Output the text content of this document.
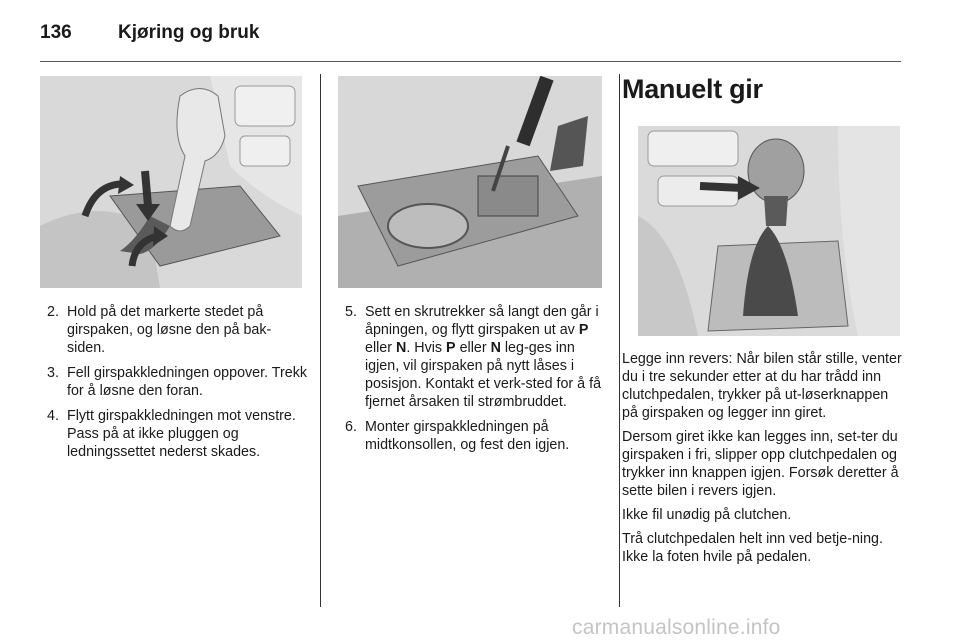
136 Kjøring og bruk
2. Hold på det markerte stedet på girspaken, og løsne den på bak-siden.
3. Fell girspakkledningen oppover. Trekk for å løsne den foran.
4. Flytt girspakkledningen mot venstre. Pass på at ikke pluggen og ledningssettet nederst skades.
5. Sett en skrutrekker så langt den går i åpningen, og flytt girspaken ut av P eller N. Hvis P eller N leg-ges inn igjen, vil girspaken på nytt låses i posisjon. Kontakt et verk-sted for å få fjernet årsaken til strømbruddet.
6. Monter girspakkledningen på midtkonsollen, og fest den igjen.
Manuelt gir

Legge inn revers: Når bilen står stille, venter du i tre sekunder etter at du har trådd inn clutchpedalen, trykker på ut-løserknappen på girspaken og legger inn giret.

Dersom giret ikke kan legges inn, set-ter du girspaken i fri, slipper opp clutchpedalen og trykker inn knappen igjen. Forsøk deretter å sette bilen i revers igjen.

Ikke fil unødig på clutchen.

Trå clutchpedalen helt inn ved betje-ning. Ikke la foten hvile på pedalen.

carmanualsonline.info
